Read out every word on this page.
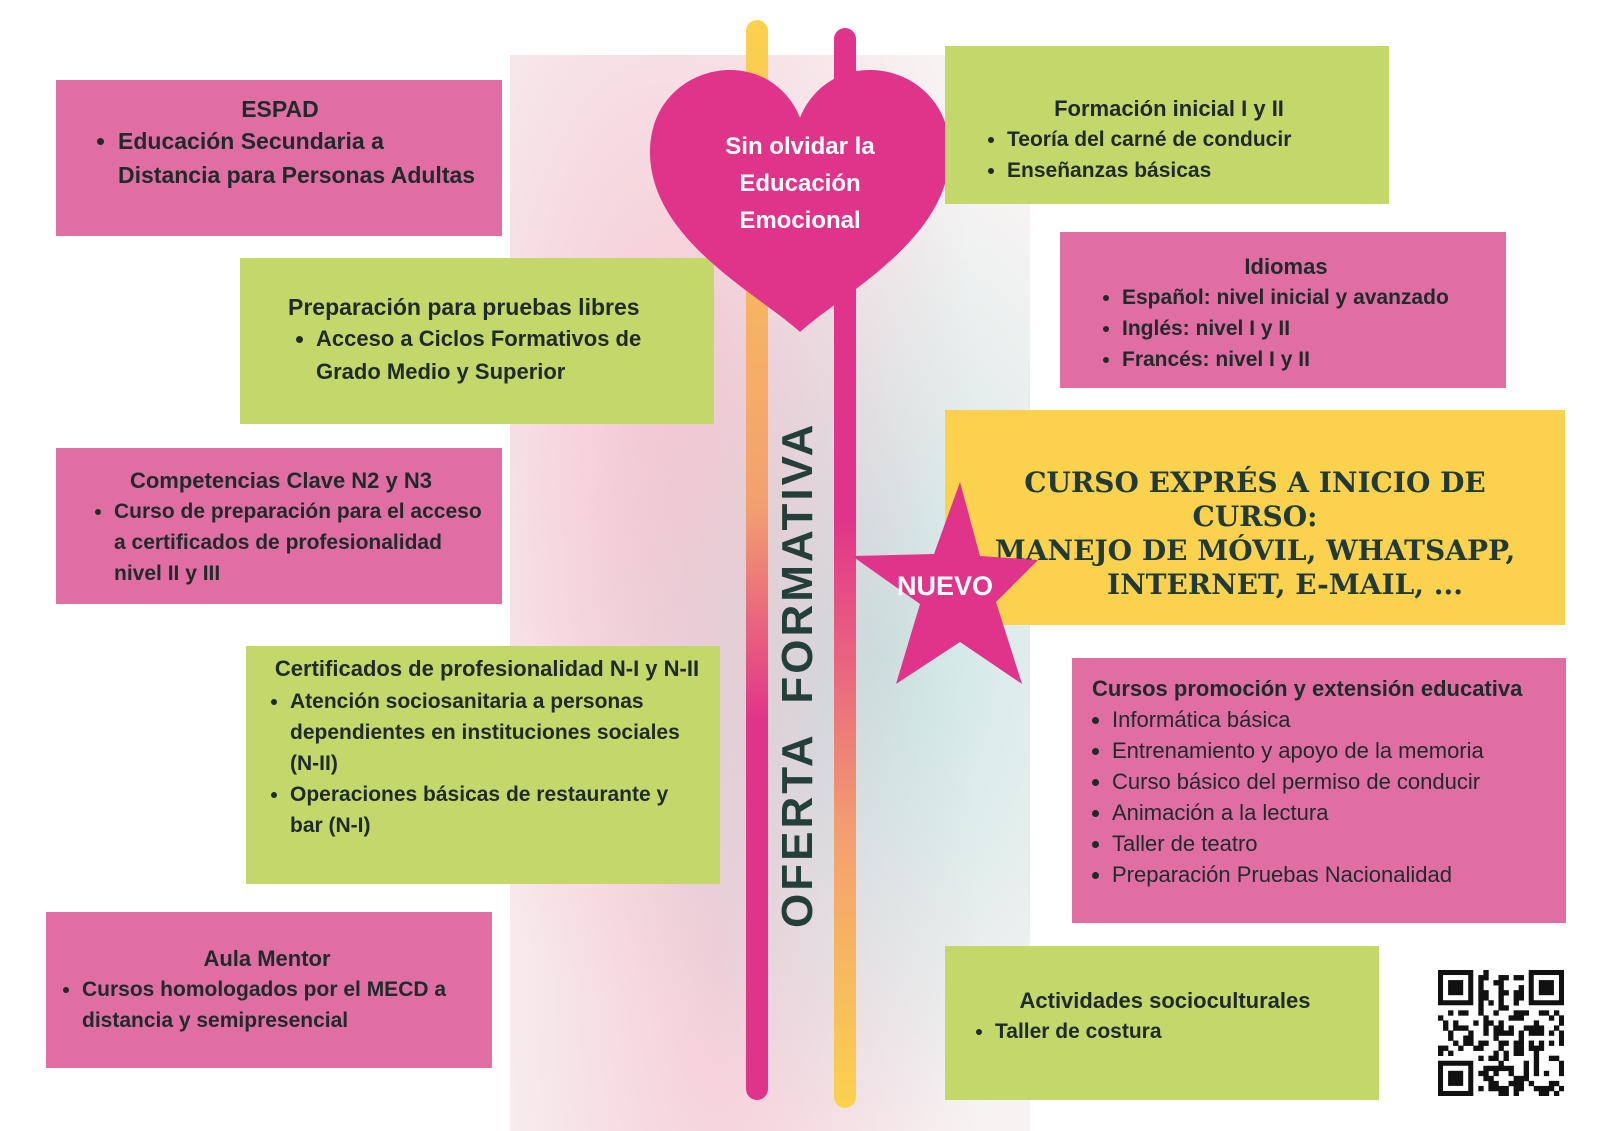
ESPAD
• Educación Secundaria a Distancia para Personas Adultas
Preparación para pruebas libres
• Acceso a Ciclos Formativos de Grado Medio y Superior
Competencias Clave N2 y N3
• Curso de preparación para el acceso a certificados de profesionalidad nivel II y III
Certificados de profesionalidad N-I y N-II
• Atención sociosanitaria a personas dependientes en instituciones sociales (N-II)
• Operaciones básicas de restaurante y bar (N-I)
Aula Mentor
• Cursos homologados por el MECD a distancia y semipresencial
Sin olvidar la
Educación
Emocional
OFERTA  FORMATIVA
Formación inicial I y II
• Teoría del carné de conducir
• Enseñanzas básicas
Idiomas
• Español: nivel inicial y avanzado
• Inglés: nivel I y II
• Francés: nivel I y II
CURSO EXPRÉS A INICIO DE CURSO:
MANEJO DE MÓVIL, WHATSAPP,
INTERNET, E-MAIL, ...
NUEVO
Cursos promoción y extensión educativa
• Informática básica
• Entrenamiento y apoyo de la memoria
• Curso básico del permiso de conducir
• Animación a la lectura
• Taller de teatro
• Preparación Pruebas Nacionalidad
Actividades socioculturales
• Taller de costura
